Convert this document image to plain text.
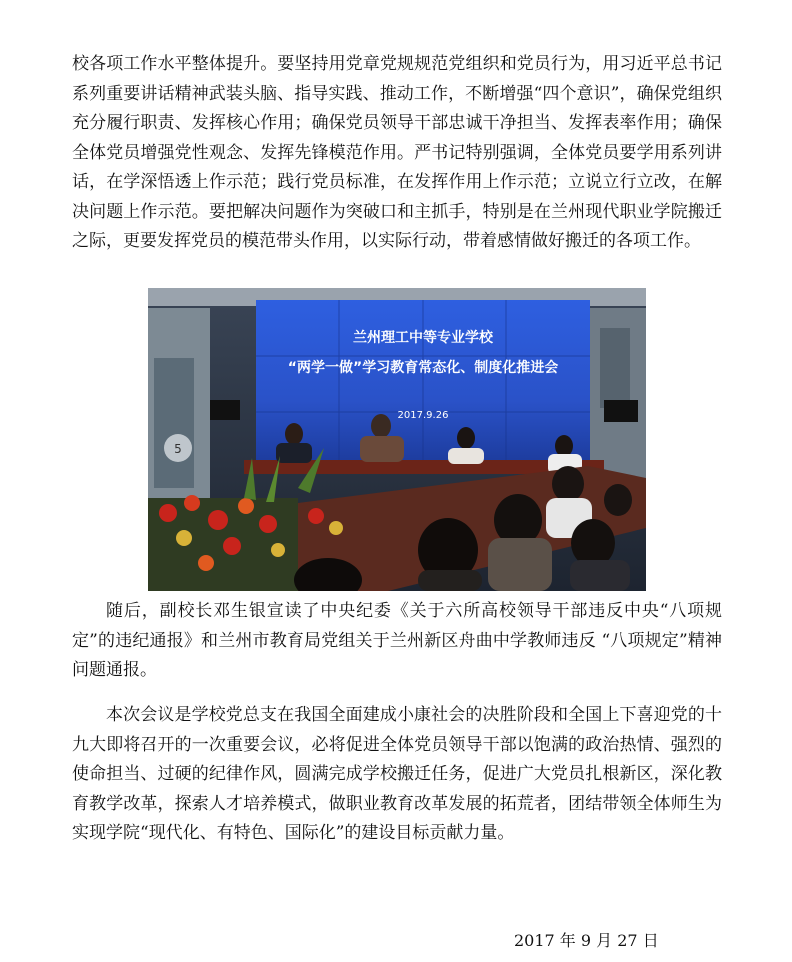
校各项工作水平整体提升。要坚持用党章党规规范党组织和党员行为，用习近平总书记系列重要讲话精神武装头脑、指导实践、推动工作，不断增强“四个意识”，确保党组织充分履行职责、发挥核心作用；确保党员领导干部忠诚干净担当、发挥表率作用；确保全体党员增强党性观念、发挥先锋模范作用。严书记特别强调，全体党员要学用系列讲话，在学深悟透上作示范；践行党员标准，在发挥作用上作示范；立说立行立改，在解决问题上作示范。要把解决问题作为突破口和主抓手，特别是在兰州现代职业学院搬迁之际，更要发挥党员的模范带头作用，以实际行动，带着感情做好搬迁的各项工作。

5
兰州理工中等专业学校
“两学一做”学习教育常态化、制度化推进会
2017.9.26

随后，副校长邓生银宣读了中央纪委《关于六所高校领导干部违反中央“八项规定”的违纪通报》和兰州市教育局党组关于兰州新区舟曲中学教师违反 “八项规定”精神问题通报。

本次会议是学校党总支在我国全面建成小康社会的决胜阶段和全国上下喜迎党的十九大即将召开的一次重要会议，必将促进全体党员领导干部以饱满的政治热情、强烈的使命担当、过硬的纪律作风，圆满完成学校搬迁任务，促进广大党员扎根新区，深化教育教学改革，探索人才培养模式，做职业教育改革发展的拓荒者，团结带领全体师生为实现学院“现代化、有特色、国际化”的建设目标贡献力量。

2017 年 9 月 27 日
